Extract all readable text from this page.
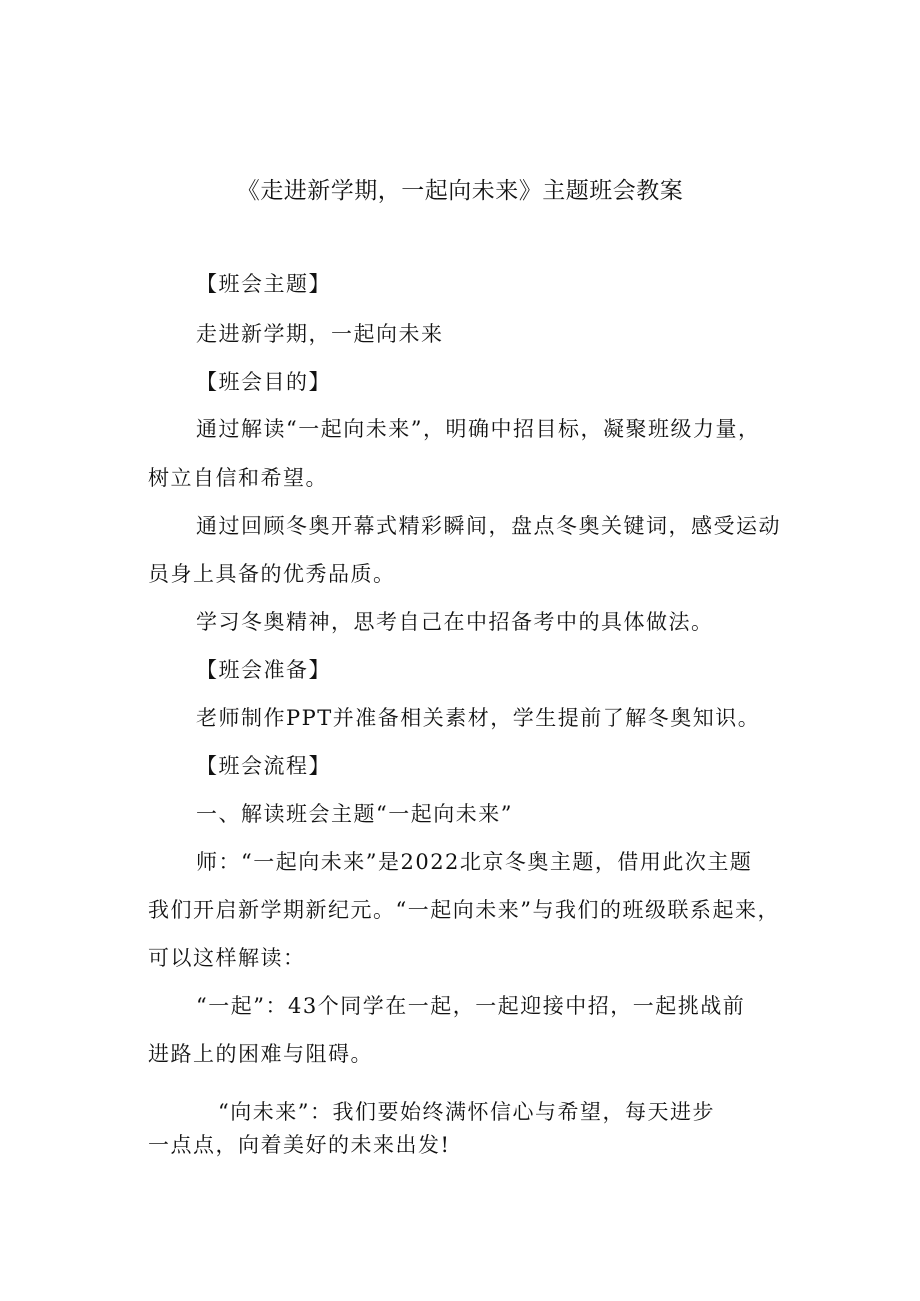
《走进新学期，一起向未来》主题班会教案
【班会主题】
走进新学期，一起向未来
【班会目的】
通过解读“一起向未来”，明确中招目标，凝聚班级力量，
树立自信和希望。
通过回顾冬奥开幕式精彩瞬间，盘点冬奥关键词，感受运动
员身上具备的优秀品质。
学习冬奥精神，思考自己在中招备考中的具体做法。
【班会准备】
老师制作PPT并准备相关素材，学生提前了解冬奥知识。
【班会流程】
一、解读班会主题“一起向未来”
师：“一起向未来”是2022北京冬奥主题，借用此次主题
我们开启新学期新纪元。“一起向未来”与我们的班级联系起来，
可以这样解读：
“一起”：43个同学在一起，一起迎接中招，一起挑战前
进路上的困难与阻碍。
“向未来”：我们要始终满怀信心与希望，每天进步
一点点，向着美好的未来出发!
